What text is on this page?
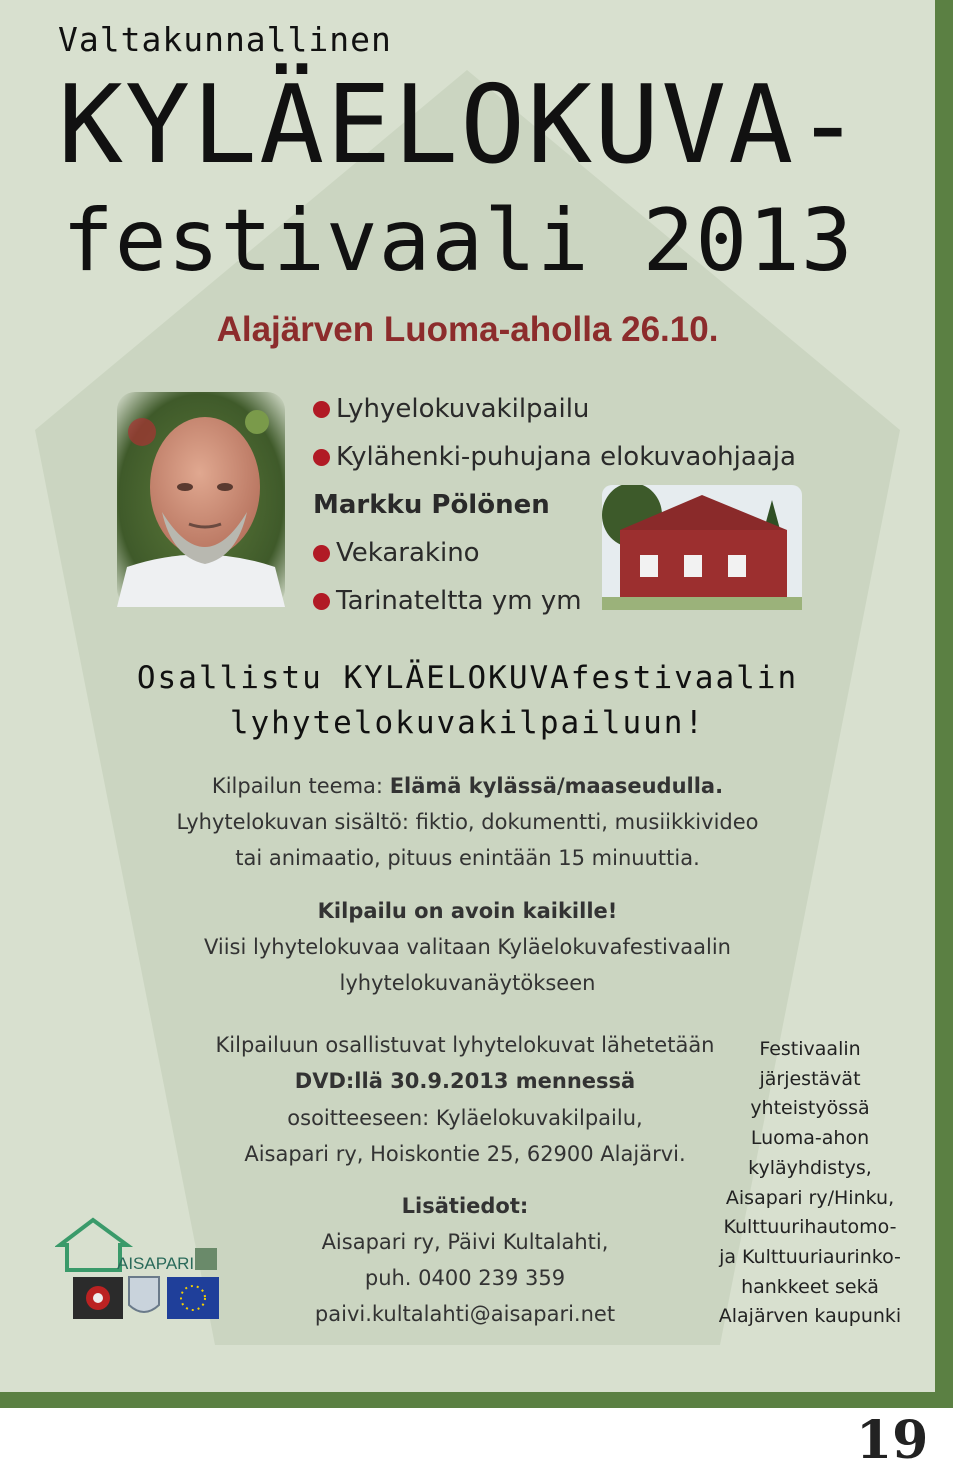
Valtakunnallinen
KYLÄELOKUVA-
festivaali 2013
Alajärven Luoma-aholla 26.10.
Lyhyelokuvakilpailu
Kylähenki-puhujana elokuvaohjaaja
Markku Pölönen
Vekarakino
Tarinateltta ym ym
Osallistu KYLÄELOKUVAfestivaalin
lyhytelokuvakilpailuun!
Kilpailun teema: Elämä kylässä/maaseudulla.
Lyhytelokuvan sisältö: fiktio, dokumentti, musiikkivideo
tai animaatio, pituus enintään 15 minuuttia.
Kilpailu on avoin kaikille!
Viisi lyhytelokuvaa valitaan Kyläelokuvafestivaalin
lyhytelokuvanäytökseen
Kilpailuun osallistuvat lyhytelokuvat lähetetään
DVD:llä 30.9.2013 mennessä
osoitteeseen: Kyläelokuvakilpailu,
Aisapari ry, Hoiskontie 25, 62900 Alajärvi.
Lisätiedot:
Aisapari ry, Päivi Kultalahti,
puh. 0400 239 359
paivi.kultalahti@aisapari.net
Festivaalin
järjestävät
yhteistyössä
Luoma-ahon
kyläyhdistys,
Aisapari ry/Hinku,
Kulttuurihautomo-
ja Kulttuuriaurinko-
hankkeet sekä
Alajärven kaupunki
AISAPARI
19
